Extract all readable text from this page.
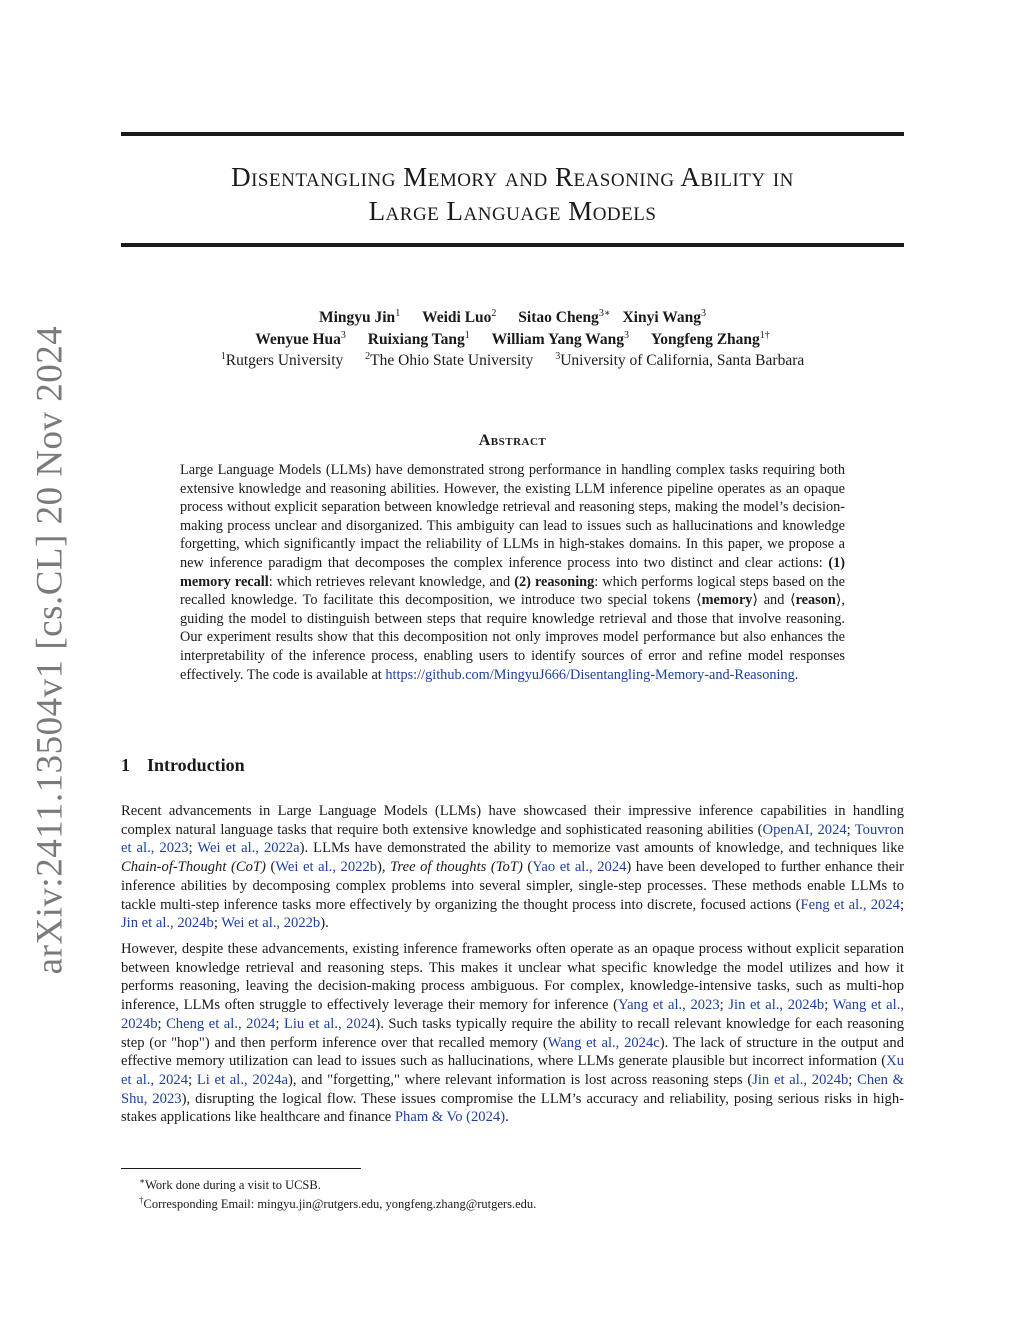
arXiv:2411.13504v1 [cs.CL] 20 Nov 2024
Disentangling Memory and Reasoning Ability in
Large Language Models
Mingyu Jin$^1$ Weidi Luo$^2$ Sitao Cheng$^{3∗}$ Xinyi Wang$^3$
Wenyue Hua$^3$ Ruixiang Tang$^1$ William Yang Wang$^3$ Yongfeng Zhang$^{1\dagger}$
$^1$Rutgers University $^2$The Ohio State University $^3$University of California, Santa Barbara
Abstract
Large Language Models (LLMs) have demonstrated strong performance in handling complex tasks requiring both extensive knowledge and reasoning abilities. However, the existing LLM inference pipeline operates as an opaque process without explicit separation between knowledge retrieval and reasoning steps, making the model’s decision-making process unclear and disorganized. This ambiguity can lead to issues such as hallucinations and knowledge forgetting, which significantly impact the reliability of LLMs in high-stakes domains. In this paper, we propose a new inference paradigm that decomposes the complex inference process into two distinct and clear actions: (1) memory recall: which retrieves relevant knowledge, and (2) reasoning: which performs logical steps based on the recalled knowledge. To facilitate this decomposition, we introduce two special tokens ⟨memory⟩ and ⟨reason⟩, guiding the model to distinguish between steps that require knowledge retrieval and those that involve reasoning. Our experiment results show that this decomposition not only improves model performance but also enhances the interpretability of the inference process, enabling users to identify sources of error and refine model responses effectively. The code is available at https://github.com/MingyuJ666/Disentangling-Memory-and-Reasoning.
1 Introduction
Recent advancements in Large Language Models (LLMs) have showcased their impressive inference capabilities in handling complex natural language tasks that require both extensive knowledge and sophisticated reasoning abilities (OpenAI, 2024; Touvron et al., 2023; Wei et al., 2022a). LLMs have demonstrated the ability to memorize vast amounts of knowledge, and techniques like Chain-of-Thought (CoT) (Wei et al., 2022b), Tree of thoughts (ToT) (Yao et al., 2024) have been developed to further enhance their inference abilities by decomposing complex problems into several simpler, single-step processes. These methods enable LLMs to tackle multi-step inference tasks more effectively by organizing the thought process into discrete, focused actions (Feng et al., 2024; Jin et al., 2024b; Wei et al., 2022b).
However, despite these advancements, existing inference frameworks often operate as an opaque process without explicit separation between knowledge retrieval and reasoning steps. This makes it unclear what specific knowledge the model utilizes and how it performs reasoning, leaving the decision-making process ambiguous. For complex, knowledge-intensive tasks, such as multi-hop inference, LLMs often struggle to effectively leverage their memory for inference (Yang et al., 2023; Jin et al., 2024b; Wang et al., 2024b; Cheng et al., 2024; Liu et al., 2024). Such tasks typically require the ability to recall relevant knowledge for each reasoning step (or "hop") and then perform inference over that recalled memory (Wang et al., 2024c). The lack of structure in the output and effective memory utilization can lead to issues such as hallucinations, where LLMs generate plausible but incorrect information (Xu et al., 2024; Li et al., 2024a), and "forgetting," where relevant information is lost across reasoning steps (Jin et al., 2024b; Chen & Shu, 2023), disrupting the logical flow. These issues compromise the LLM’s accuracy and reliability, posing serious risks in high-stakes applications like healthcare and finance Pham & Vo (2024).
∗Work done during a visit to UCSB.
†Corresponding Email: mingyu.jin@rutgers.edu, yongfeng.zhang@rutgers.edu.
